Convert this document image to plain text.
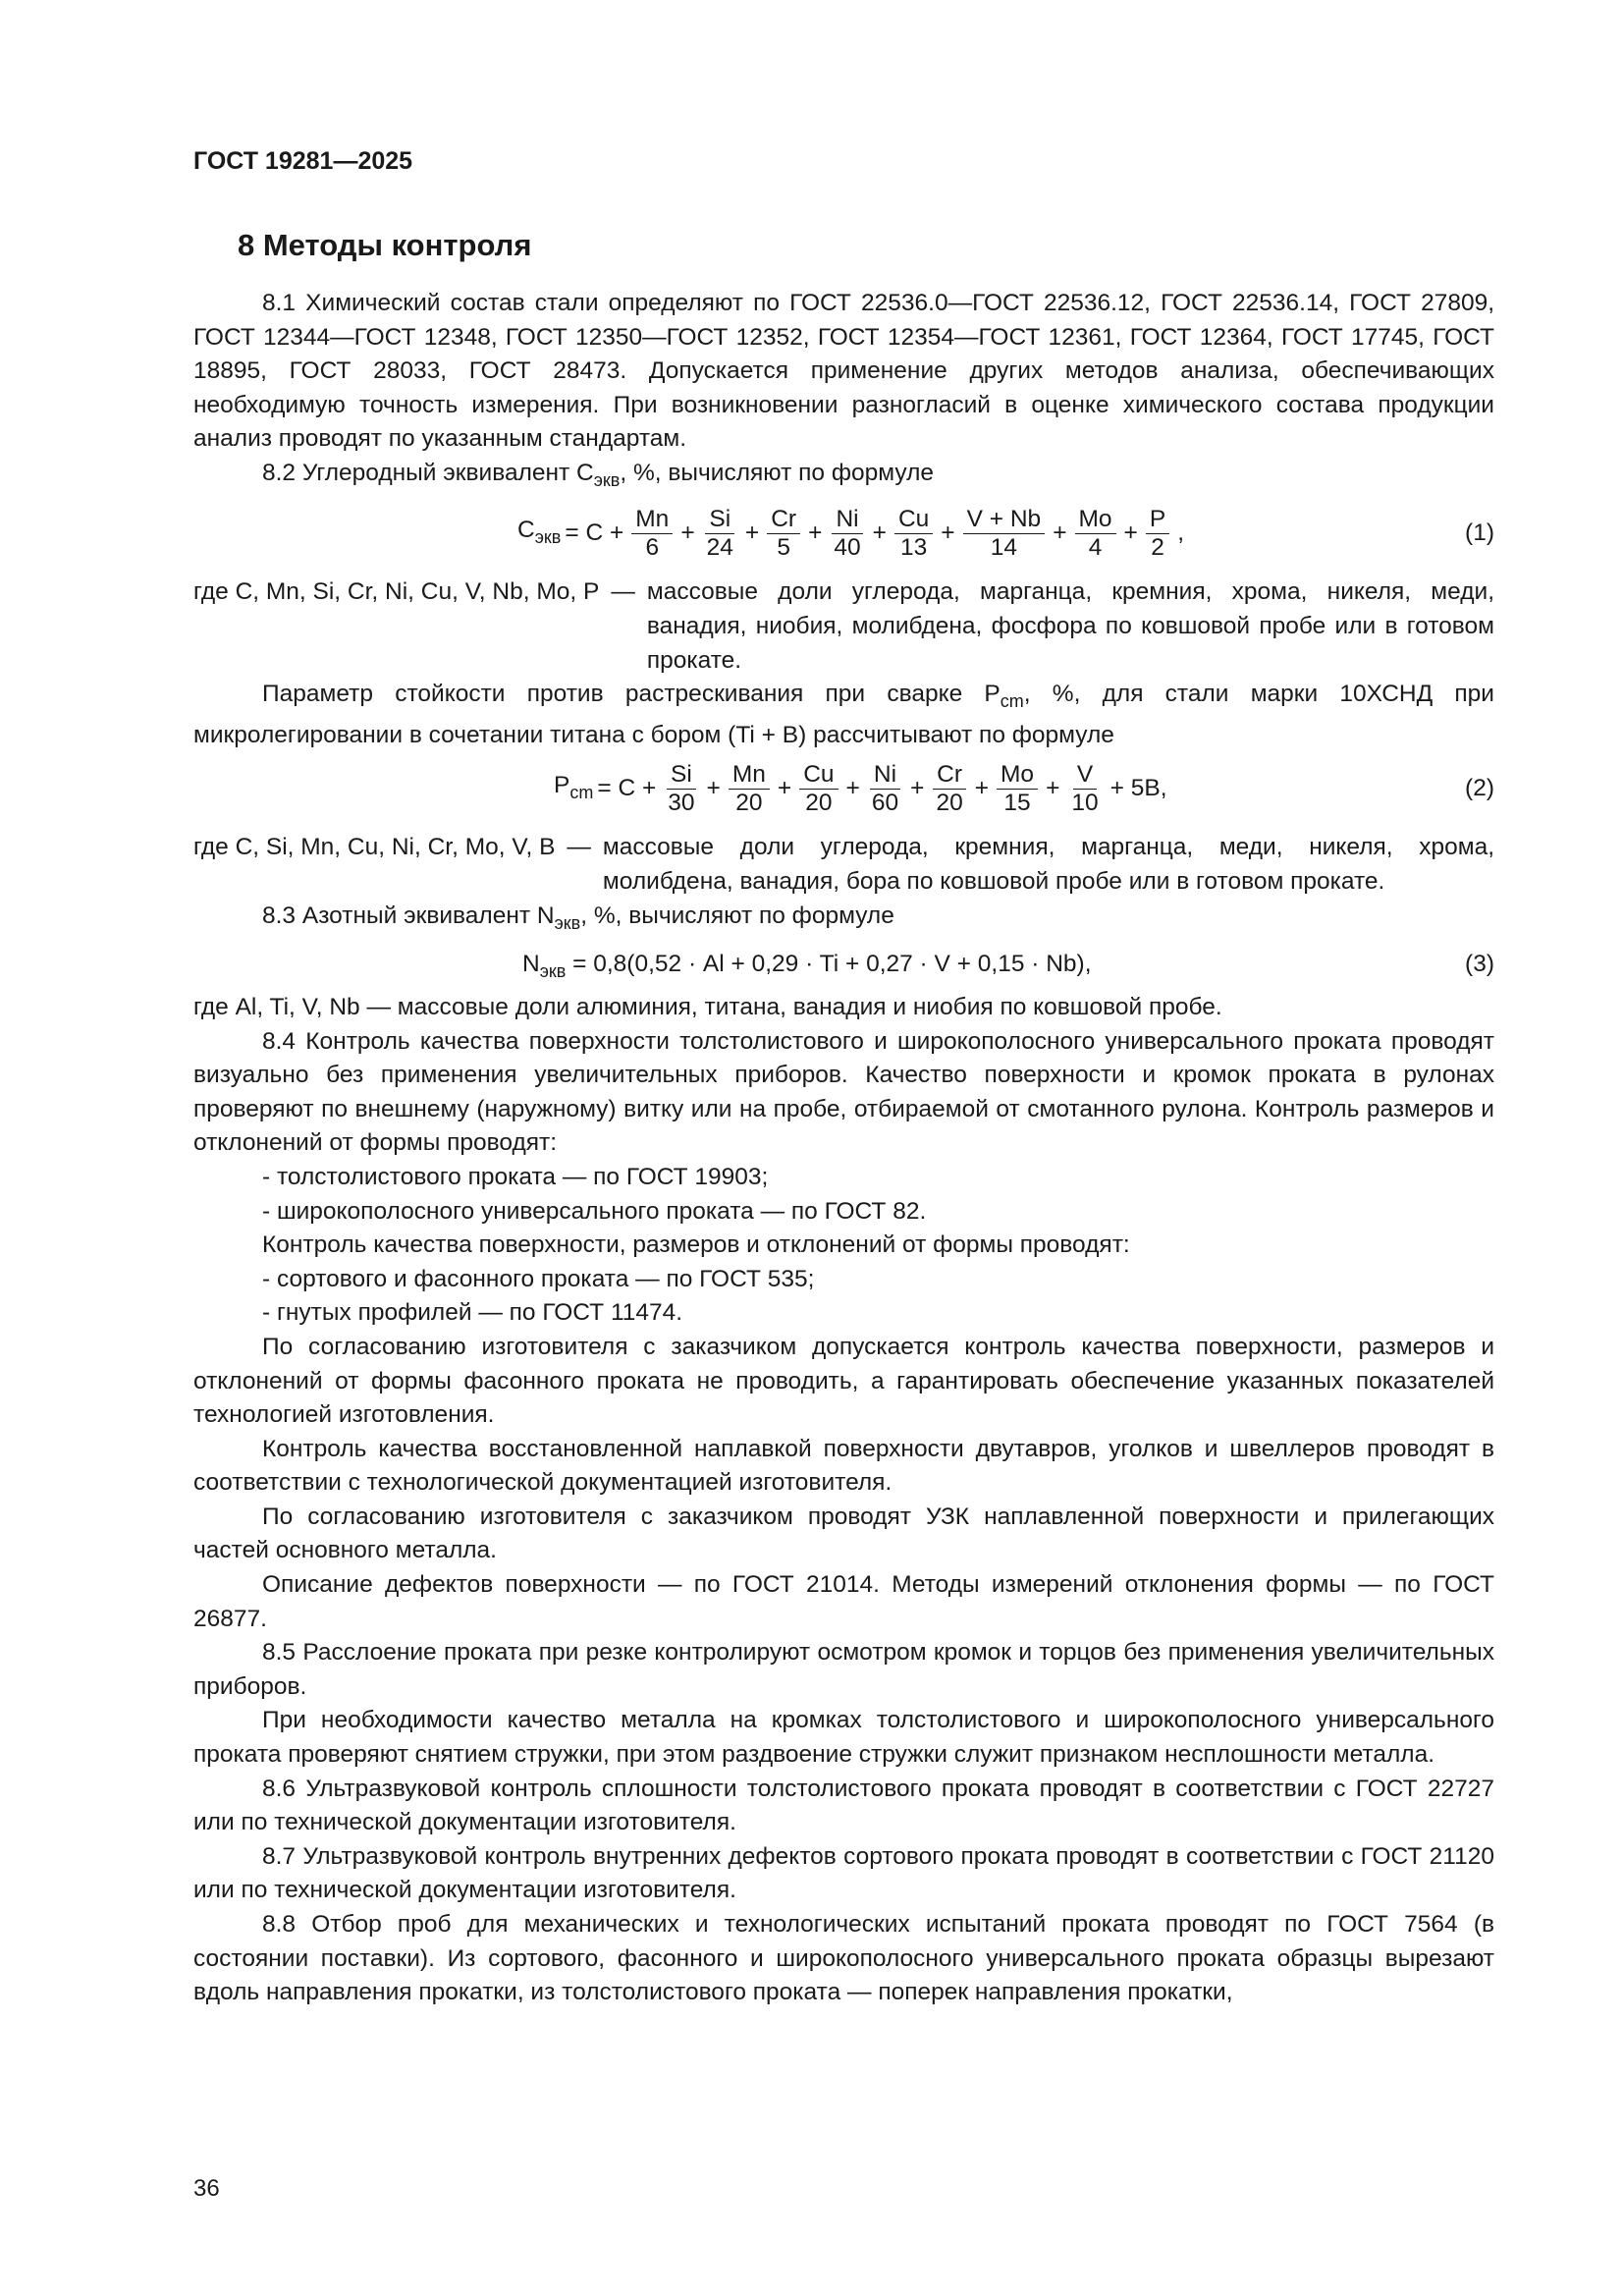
ГОСТ 19281—2025
8 Методы контроля

8.1 Химический состав стали определяют по ГОСТ 22536.0—ГОСТ 22536.12, ГОСТ 22536.14, ГОСТ 27809, ГОСТ 12344—ГОСТ 12348, ГОСТ 12350—ГОСТ 12352, ГОСТ 12354—ГОСТ 12361, ГОСТ 12364, ГОСТ 17745, ГОСТ 18895, ГОСТ 28033, ГОСТ 28473. Допускается применение других методов анализа, обеспечивающих необходимую точность измерения. При возникновении разногласий в оценке химического состава продукции анализ проводят по указанным стандартам.

8.2 Углеродный эквивалент $С_{экв}$, %, вычисляют по формуле

$С_{экв} = С + \frac{Mn}{6} + \frac{Si}{24} + \frac{Cr}{5} + \frac{Ni}{40} + \frac{Cu}{13} + \frac{V + Nb}{14} + \frac{Mo}{4} + \frac{P}{2}$ ,	(1)
где С, Mn, Si, Cr, Ni, Cu, V, Nb, Mo, P — массовые доли углерода, марганца, кремния, хрома, никеля, меди, ванадия, ниобия, молибдена, фосфора по ковшовой пробе или в готовом прокате.

Параметр стойкости против растрескивания при сварке $P_{cm}$, %, для стали марки 10ХСНД при микролегировании в сочетании титана с бором (Ti + B) рассчитывают по формуле

$P_{cm} = C + \frac{Si}{30} + \frac{Mn}{20} + \frac{Cu}{20} + \frac{Ni}{60} + \frac{Cr}{20} + \frac{Mo}{15} + \frac{V}{10} + 5B$,	(2)
где C, Si, Mn, Cu, Ni, Cr, Mo, V, B — массовые доли углерода, кремния, марганца, меди, никеля, хрома, молибдена, ванадия, бора по ковшовой пробе или в готовом прокате.

8.3 Азотный эквивалент $N_{экв}$, %, вычисляют по формуле

$N_{экв} = 0,8(0,52 \cdot Al + 0,29 \cdot Ti + 0,27 \cdot V + 0,15 \cdot Nb)$,	(3)

где Al, Ti, V, Nb — массовые доли алюминия, титана, ванадия и ниобия по ковшовой пробе.

8.4 Контроль качества поверхности толстолистового и широкополосного универсального проката проводят визуально без применения увеличительных приборов. Качество поверхности и кромок проката в рулонах проверяют по внешнему (наружному) витку или на пробе, отбираемой от смотанного рулона. Контроль размеров и отклонений от формы проводят:

- толстолистового проката — по ГОСТ 19903;

- широкополосного универсального проката — по ГОСТ 82.

Контроль качества поверхности, размеров и отклонений от формы проводят:

- сортового и фасонного проката — по ГОСТ 535;

- гнутых профилей — по ГОСТ 11474.

По согласованию изготовителя с заказчиком допускается контроль качества поверхности, размеров и отклонений от формы фасонного проката не проводить, а гарантировать обеспечение указанных показателей технологией изготовления.

Контроль качества восстановленной наплавкой поверхности двутавров, уголков и швеллеров проводят в соответствии с технологической документацией изготовителя.

По согласованию изготовителя с заказчиком проводят УЗК наплавленной поверхности и прилегающих частей основного металла.

Описание дефектов поверхности — по ГОСТ 21014. Методы измерений отклонения формы — по ГОСТ 26877.

8.5 Расслоение проката при резке контролируют осмотром кромок и торцов без применения увеличительных приборов.

При необходимости качество металла на кромках толстолистового и широкополосного универсального проката проверяют снятием стружки, при этом раздвоение стружки служит признаком несплошности металла.

8.6 Ультразвуковой контроль сплошности толстолистового проката проводят в соответствии с ГОСТ 22727 или по технической документации изготовителя.

8.7 Ультразвуковой контроль внутренних дефектов сортового проката проводят в соответствии с ГОСТ 21120 или по технической документации изготовителя.

8.8 Отбор проб для механических и технологических испытаний проката проводят по ГОСТ 7564 (в состоянии поставки). Из сортового, фасонного и широкополосного универсального проката образцы вырезают вдоль направления прокатки, из толстолистового проката — поперек направления прокатки,

36
